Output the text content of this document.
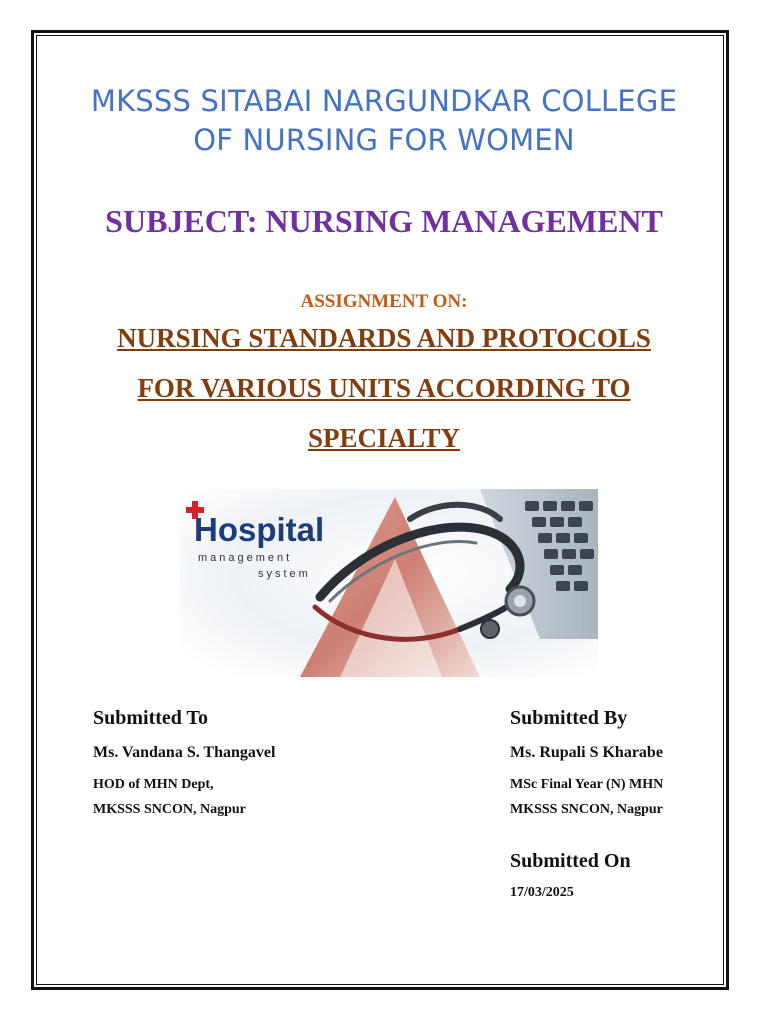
MKSSS SITABAI NARGUNDKAR COLLEGE
OF NURSING FOR WOMEN
SUBJECT: NURSING MANAGEMENT
ASSIGNMENT ON:
NURSING STANDARDS AND PROTOCOLS
FOR VARIOUS UNITS ACCORDING TO
SPECIALTY
Hospital
management
system
Submitted To
Ms. Vandana S. Thangavel
HOD of MHN Dept,
MKSSS SNCON, Nagpur
Submitted By
Ms. Rupali S Kharabe
MSc Final Year (N) MHN
MKSSS SNCON, Nagpur
Submitted On
17/03/2025
